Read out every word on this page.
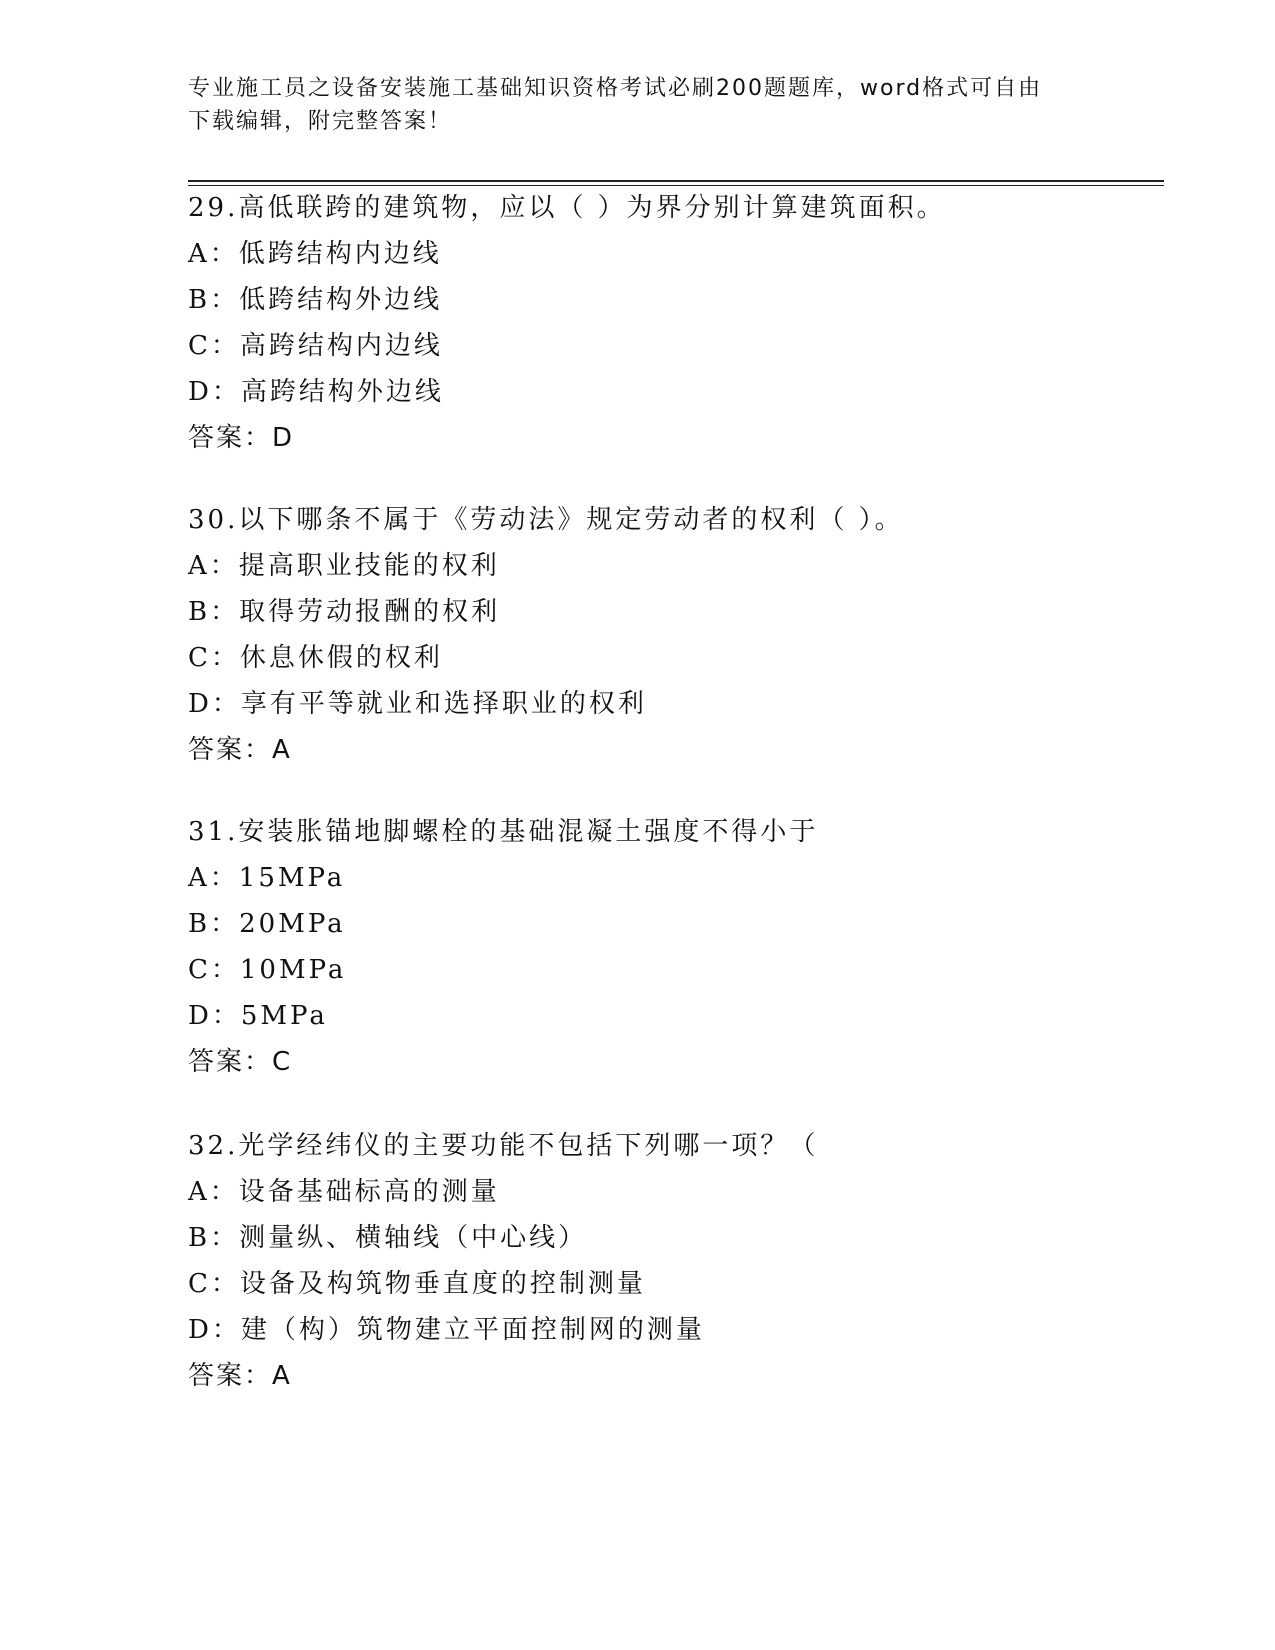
专业施工员之设备安装施工基础知识资格考试必刷200题题库，word格式可自由
下载编辑，附完整答案！
29.高低联跨的建筑物，应以（ ）为界分别计算建筑面积。
A：低跨结构内边线
B：低跨结构外边线
C：高跨结构内边线
D：高跨结构外边线
答案：D
30.以下哪条不属于《劳动法》规定劳动者的权利（ ）。
A：提高职业技能的权利
B：取得劳动报酬的权利
C：休息休假的权利
D：享有平等就业和选择职业的权利
答案：A
31.安装胀锚地脚螺栓的基础混凝土强度不得小于
A：15MPa
B：20MPa
C：10MPa
D：5MPa
答案：C
32.光学经纬仪的主要功能不包括下列哪一项？（
A：设备基础标高的测量
B：测量纵、横轴线（中心线）
C：设备及构筑物垂直度的控制测量
D：建（构）筑物建立平面控制网的测量
答案：A
